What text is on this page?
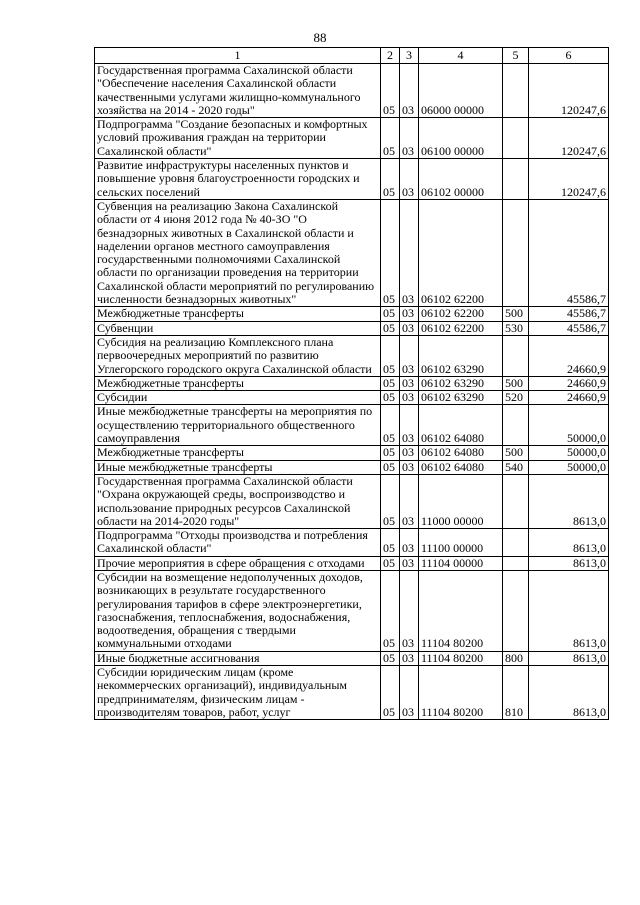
88
1	2	3	4	5	6
Государственная программа Сахалинской области "Обеспечение населения Сахалинской области качественными услугами жилищно-коммунального хозяйства на 2014 - 2020 годы"	05	03	06000 00000		120247,6
Подпрограмма "Создание безопасных и комфортных условий проживания граждан на территории Сахалинской области"	05	03	06100 00000		120247,6
Развитие инфраструктуры населенных пунктов и повышение уровня благоустроенности городских и сельских поселений	05	03	06102 00000		120247,6
Субвенция на реализацию Закона Сахалинской области от 4 июня 2012 года № 40-ЗО "О безнадзорных животных в Сахалинской области и наделении органов местного самоуправления государственными полномочиями Сахалинской области по организации проведения на территории Сахалинской области мероприятий по регулированию численности безнадзорных животных"	05	03	06102 62200		45586,7
Межбюджетные трансферты	05	03	06102 62200	500	45586,7
Субвенции	05	03	06102 62200	530	45586,7
Субсидия на реализацию Комплексного плана первоочередных мероприятий по развитию Углегорского городского округа Сахалинской области	05	03	06102 63290		24660,9
Межбюджетные трансферты	05	03	06102 63290	500	24660,9
Субсидии	05	03	06102 63290	520	24660,9
Иные межбюджетные трансферты на мероприятия по осуществлению территориального общественного самоуправления	05	03	06102 64080		50000,0
Межбюджетные трансферты	05	03	06102 64080	500	50000,0
Иные межбюджетные трансферты	05	03	06102 64080	540	50000,0
Государственная программа Сахалинской области "Охрана окружающей среды, воспроизводство и использование природных ресурсов Сахалинской области на 2014-2020 годы"	05	03	11000 00000		8613,0
Подпрограмма "Отходы производства и потребления Сахалинской области"	05	03	11100 00000		8613,0
Прочие мероприятия в сфере обращения с отходами	05	03	11104 00000		8613,0
Субсидии на возмещение недополученных доходов, возникающих в результате государственного регулирования тарифов в сфере электроэнергетики, газоснабжения, теплоснабжения, водоснабжения, водоотведения, обращения с твердыми коммунальными отходами	05	03	11104 80200		8613,0
Иные бюджетные ассигнования	05	03	11104 80200	800	8613,0
Субсидии юридическим лицам (кроме некоммерческих организаций), индивидуальным предпринимателям, физическим лицам - производителям товаров, работ, услуг	05	03	11104 80200	810	8613,0
